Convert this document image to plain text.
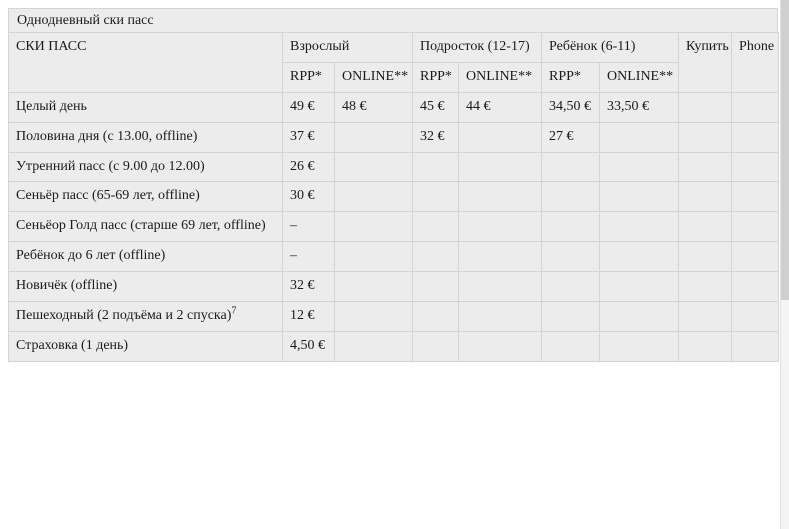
Однодневный ски пасс
СКИ ПАСС	Взрослый		Подросток (12-17)		Ребёнок (6-11)		Купить	Phone
	RPP*	ONLINE**	RPP*	ONLINE**	RPP*	ONLINE**		
Целый день	49 €	48 €	45 €	44 €	34,50 €	33,50 €		
Половина дня (с 13.00, offline)	37 €		32 €		27 €			
Утренний пасс (с 9.00 до 12.00)	26 €							
Сеньёр пасс (65-69 лет, offline)	30 €							
Сеньёор Голд пасс (старше 69 лет, offline)	–							
Ребёнок до 6 лет (offline)	–							
Новичёк (offline)	32 €							
Пешеходный (2 подъёма и 2 спуска)$^7$	12 €							
Страховка (1 день)	4,50 €							
